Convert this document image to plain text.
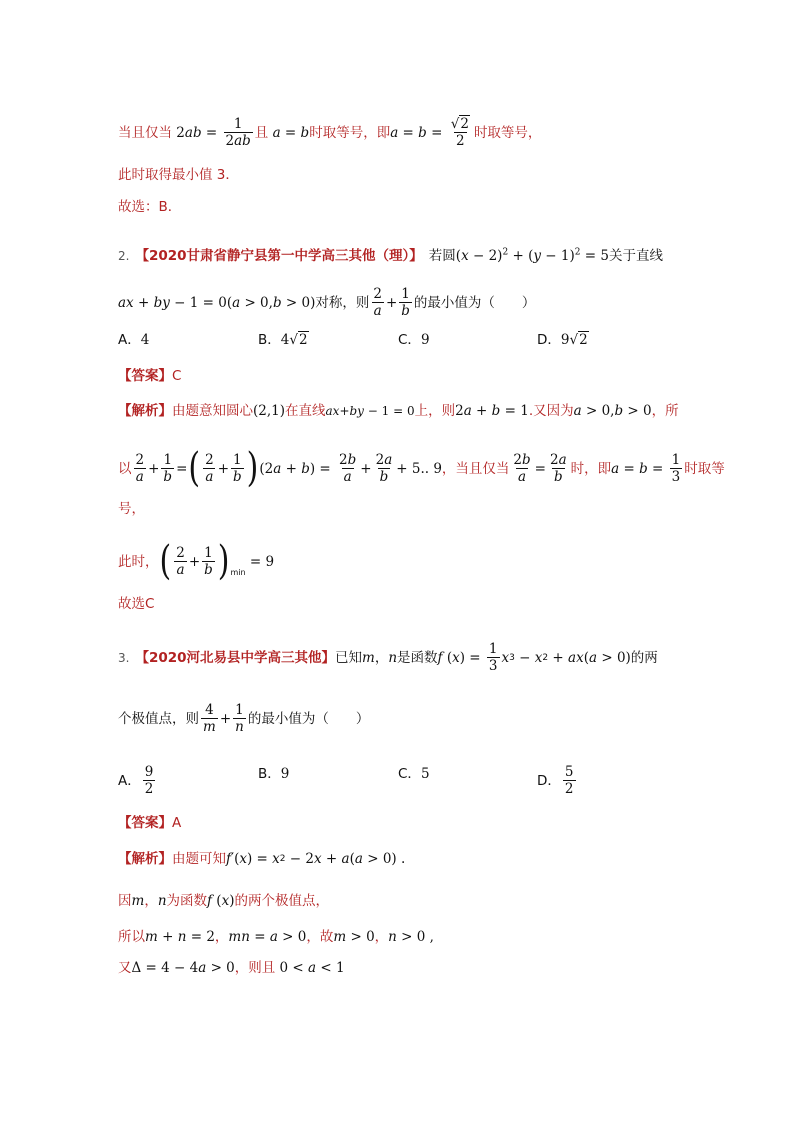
当且仅当 2 ab = $\frac{1}{2ab}$ 且 a = b 时取等号，即 $a = b = \frac{√2}{2}$ 时取等号，
此时取得最小值 3．
故选：B．
2. 【2020甘肃省静宁县第一中学高三其他（理）】 若圆 ( x − 2)$^2$ + ( y − 1)$^2$ = 5 关于直线
ax + by − 1 = 0( a > 0, b > 0) 对称，则 $\frac{2}{a} + \frac{1}{b}$ 的最小值为（　　）
A． 4	B． 4 √2	C． 9	D． 9 √2
【答案】 C
【解析】 由题意知圆心 (2,1) 在直线 ax + by − 1 = 0 上，则 2 a + b = 1 .又因为 a > 0, b > 0 ，所
以 $\frac{2}{a} + \frac{1}{b}$ = ( $\frac{2}{a} + \frac{1}{b}$ ) (2 a + b ) = $\frac{2b}{a} + \frac{2a}{b} + 5$.. 9 ，当且仅当 $\frac{2b}{a} = \frac{2a}{b}$ 时，即 $a = b = \frac{1}{3}$ 时取等
号，
此时， ( $\frac{2}{a} + \frac{1}{b}$ ) min
= 9
故选C
3. 【2020河北易县中学高三其他】 已知 m ， n 是函数 f ( x ) = $\frac{1}{3}$ x 3 − x 2 + ax ( a > 0) 的两
个极值点，则 $\frac{4}{m} + \frac{1}{n}$ 的最小值为（　　）
A． $\frac{9}{2}$	B． 9	C． 5	D． $\frac{5}{2}$
【答案】 A
【解析】 由题可知 f ′( x ) = x 2 − 2 x + a ( a > 0) .
因 m ， n 为函数 f ( x ) 的两个极值点，
所以 m + n = 2 ， mn = a > 0 ，故 m > 0 ， n > 0 ,
又 Δ = 4 − 4 a > 0 ，则且 0 < a < 1
